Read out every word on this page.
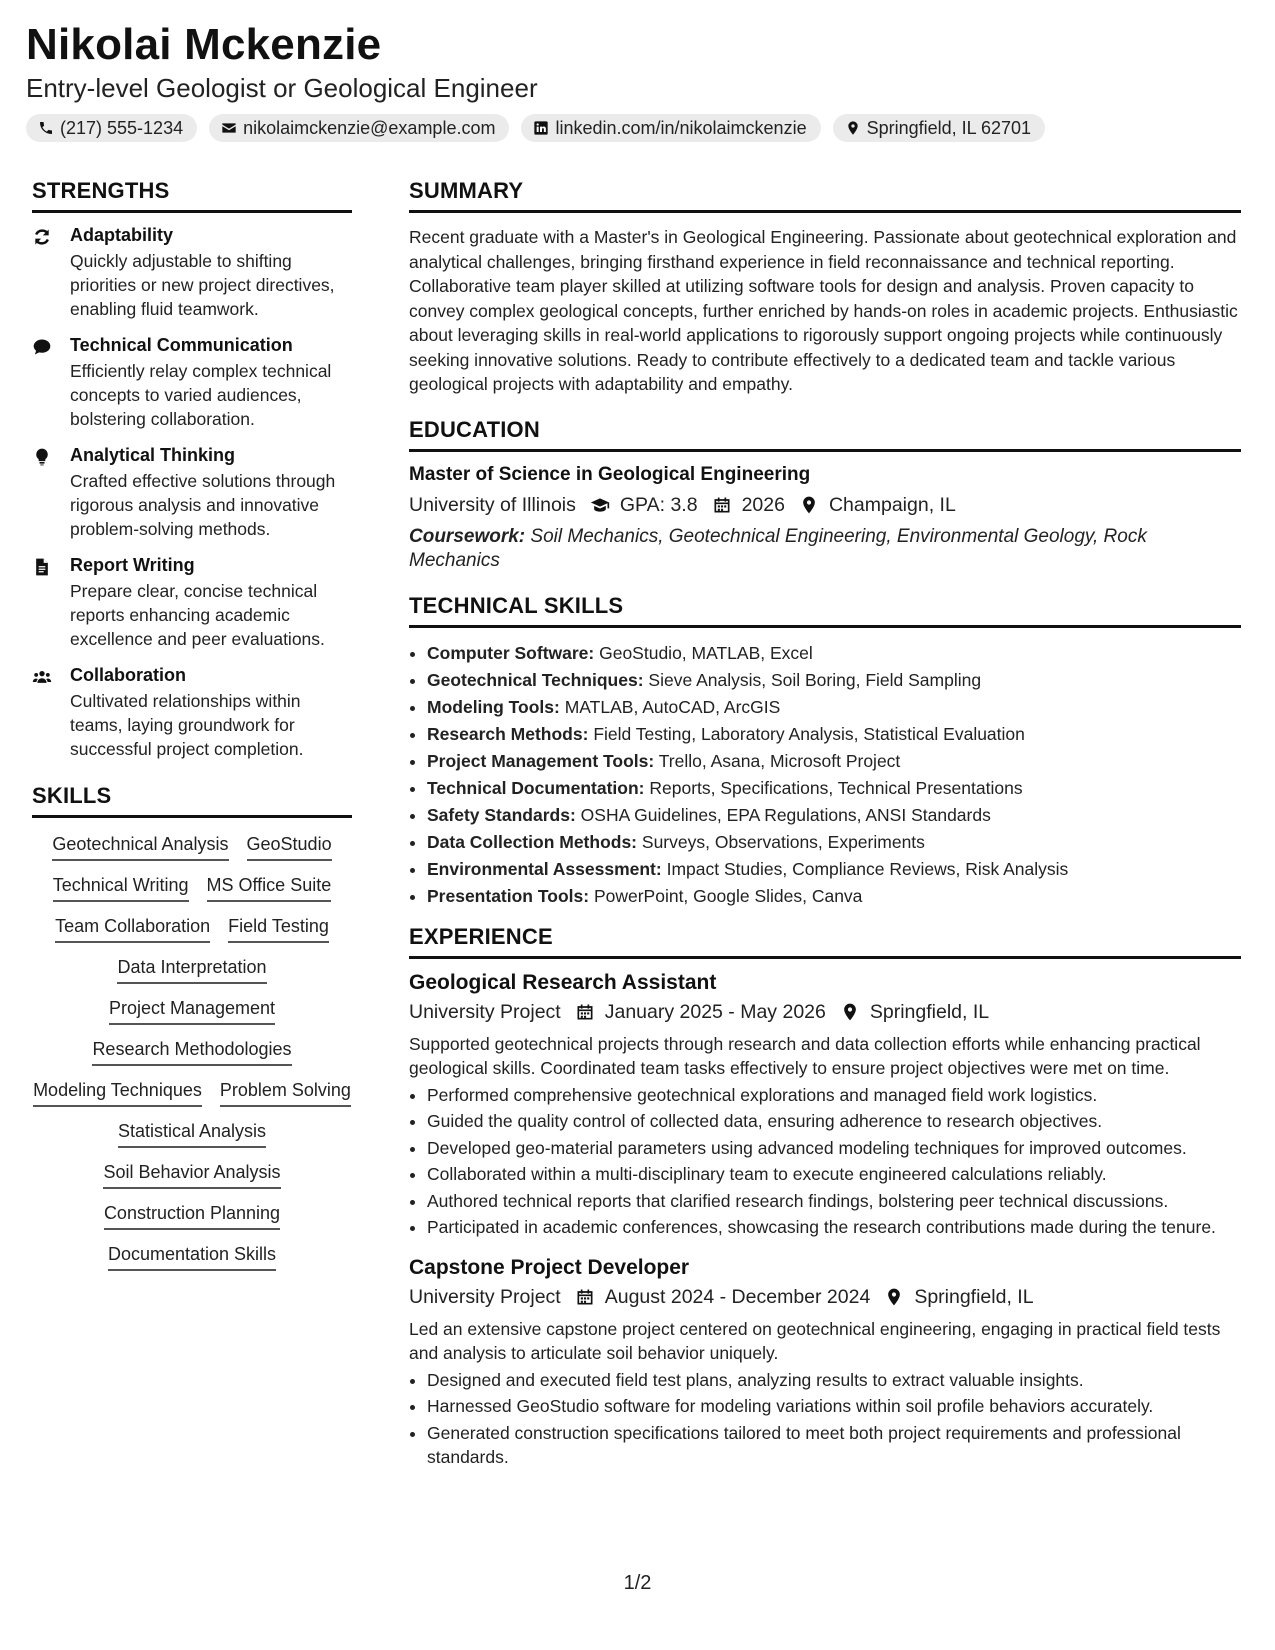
Nikolai Mckenzie
Entry-level Geologist or Geological Engineer
(217) 555-1234	nikolaimckenzie@example.com	linkedin.com/in/nikolaimckenzie	Springfield, IL 62701
STRENGTHS
Adaptability
Quickly adjustable to shifting priorities or new project directives, enabling fluid teamwork.
Technical Communication
Efficiently relay complex technical concepts to varied audiences, bolstering collaboration.
Analytical Thinking
Crafted effective solutions through rigorous analysis and innovative problem-solving methods.
Report Writing
Prepare clear, concise technical reports enhancing academic excellence and peer evaluations.
Collaboration
Cultivated relationships within teams, laying groundwork for successful project completion.
SKILLS
Geotechnical Analysis GeoStudio
Technical Writing MS Office Suite
Team Collaboration Field Testing
Data Interpretation
Project Management
Research Methodologies
Modeling Techniques Problem Solving
Statistical Analysis
Soil Behavior Analysis
Construction Planning
Documentation Skills
SUMMARY
Recent graduate with a Master's in Geological Engineering. Passionate about geotechnical exploration and analytical challenges, bringing firsthand experience in field reconnaissance and technical reporting. Collaborative team player skilled at utilizing software tools for design and analysis. Proven capacity to convey complex geological concepts, further enriched by hands-on roles in academic projects. Enthusiastic about leveraging skills in real-world applications to rigorously support ongoing projects while continuously seeking innovative solutions. Ready to contribute effectively to a dedicated team and tackle various geological projects with adaptability and empathy.
EDUCATION
Master of Science in Geological Engineering
University of Illinois GPA: 3.8 2026 Champaign, IL
Coursework: Soil Mechanics, Geotechnical Engineering, Environmental Geology, Rock Mechanics
TECHNICAL SKILLS
• Computer Software: GeoStudio, MATLAB, Excel
• Geotechnical Techniques: Sieve Analysis, Soil Boring, Field Sampling
• Modeling Tools: MATLAB, AutoCAD, ArcGIS
• Research Methods: Field Testing, Laboratory Analysis, Statistical Evaluation
• Project Management Tools: Trello, Asana, Microsoft Project
• Technical Documentation: Reports, Specifications, Technical Presentations
• Safety Standards: OSHA Guidelines, EPA Regulations, ANSI Standards
• Data Collection Methods: Surveys, Observations, Experiments
• Environmental Assessment: Impact Studies, Compliance Reviews, Risk Analysis
• Presentation Tools: PowerPoint, Google Slides, Canva
EXPERIENCE
Geological Research Assistant
University Project January 2025 - May 2026 Springfield, IL
Supported geotechnical projects through research and data collection efforts while enhancing practical geological skills. Coordinated team tasks effectively to ensure project objectives were met on time.
• Performed comprehensive geotechnical explorations and managed field work logistics.
• Guided the quality control of collected data, ensuring adherence to research objectives.
• Developed geo-material parameters using advanced modeling techniques for improved outcomes.
• Collaborated within a multi-disciplinary team to execute engineered calculations reliably.
• Authored technical reports that clarified research findings, bolstering peer technical discussions.
• Participated in academic conferences, showcasing the research contributions made during the tenure.
Capstone Project Developer
University Project August 2024 - December 2024 Springfield, IL
Led an extensive capstone project centered on geotechnical engineering, engaging in practical field tests and analysis to articulate soil behavior uniquely.
• Designed and executed field test plans, analyzing results to extract valuable insights.
• Harnessed GeoStudio software for modeling variations within soil profile behaviors accurately.
• Generated construction specifications tailored to meet both project requirements and professional standards.
1/2
